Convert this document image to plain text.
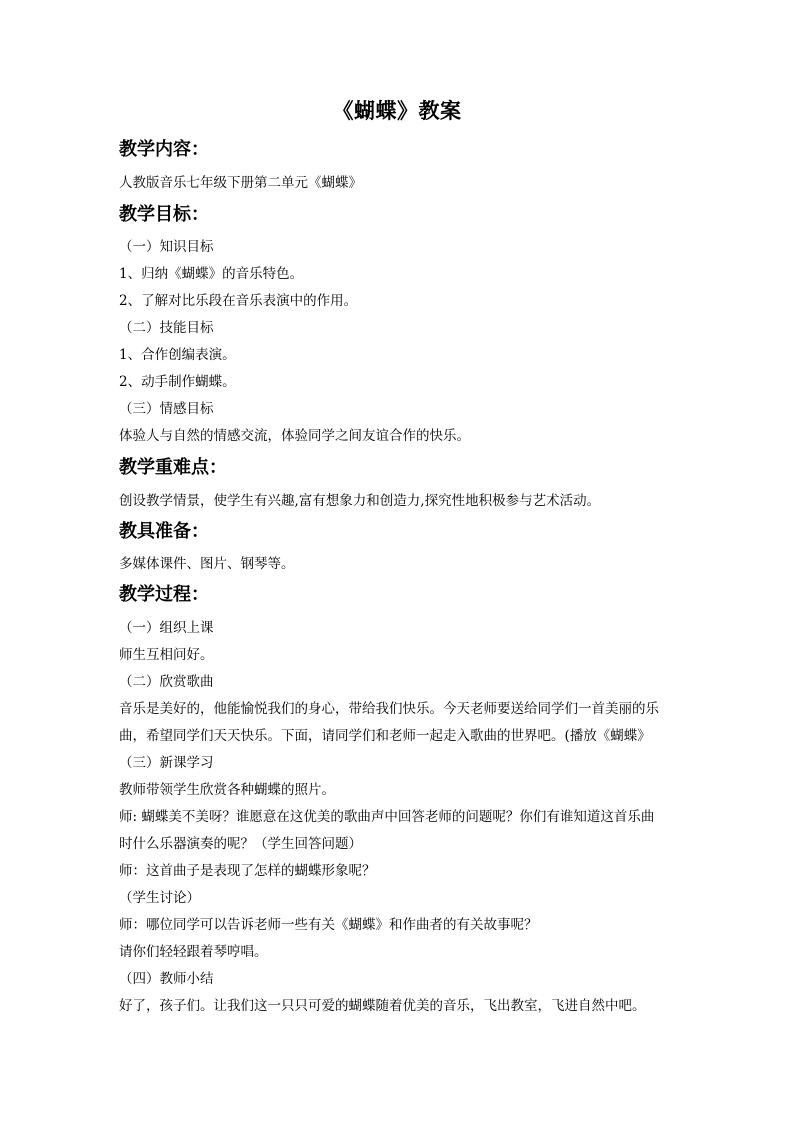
《蝴蝶》教案
教学内容：
人教版音乐七年级下册第二单元《蝴蝶》
教学目标：
（一）知识目标
1、归纳《蝴蝶》的音乐特色。
2、了解对比乐段在音乐表演中的作用。
（二）技能目标
1、合作创编表演。
2、动手制作蝴蝶。
（三）情感目标
体验人与自然的情感交流，体验同学之间友谊合作的快乐。
教学重难点：
创设教学情景，使学生有兴趣,富有想象力和创造力,探究性地积极参与艺术活动。
教具准备：
多媒体课件、图片、钢琴等。
教学过程：
（一）组织上课
师生互相问好。
（二）欣赏歌曲
音乐是美好的，他能愉悦我们的身心，带给我们快乐。今天老师要送给同学们一首美丽的乐
曲，希望同学们天天快乐。下面，请同学们和老师一起走入歌曲的世界吧。(播放《蝴蝶》
（三）新课学习
教师带领学生欣赏各种蝴蝶的照片。
师: 蝴蝶美不美呀？谁愿意在这优美的歌曲声中回答老师的问题呢？你们有谁知道这首乐曲
时什么乐器演奏的呢？（学生回答问题）
师：这首曲子是表现了怎样的蝴蝶形象呢？
（学生讨论）
师：哪位同学可以告诉老师一些有关《蝴蝶》和作曲者的有关故事呢？
请你们轻轻跟着琴哼唱。
（四）教师小结
好了，孩子们。让我们这一只只可爱的蝴蝶随着优美的音乐，飞出教室，飞进自然中吧。
